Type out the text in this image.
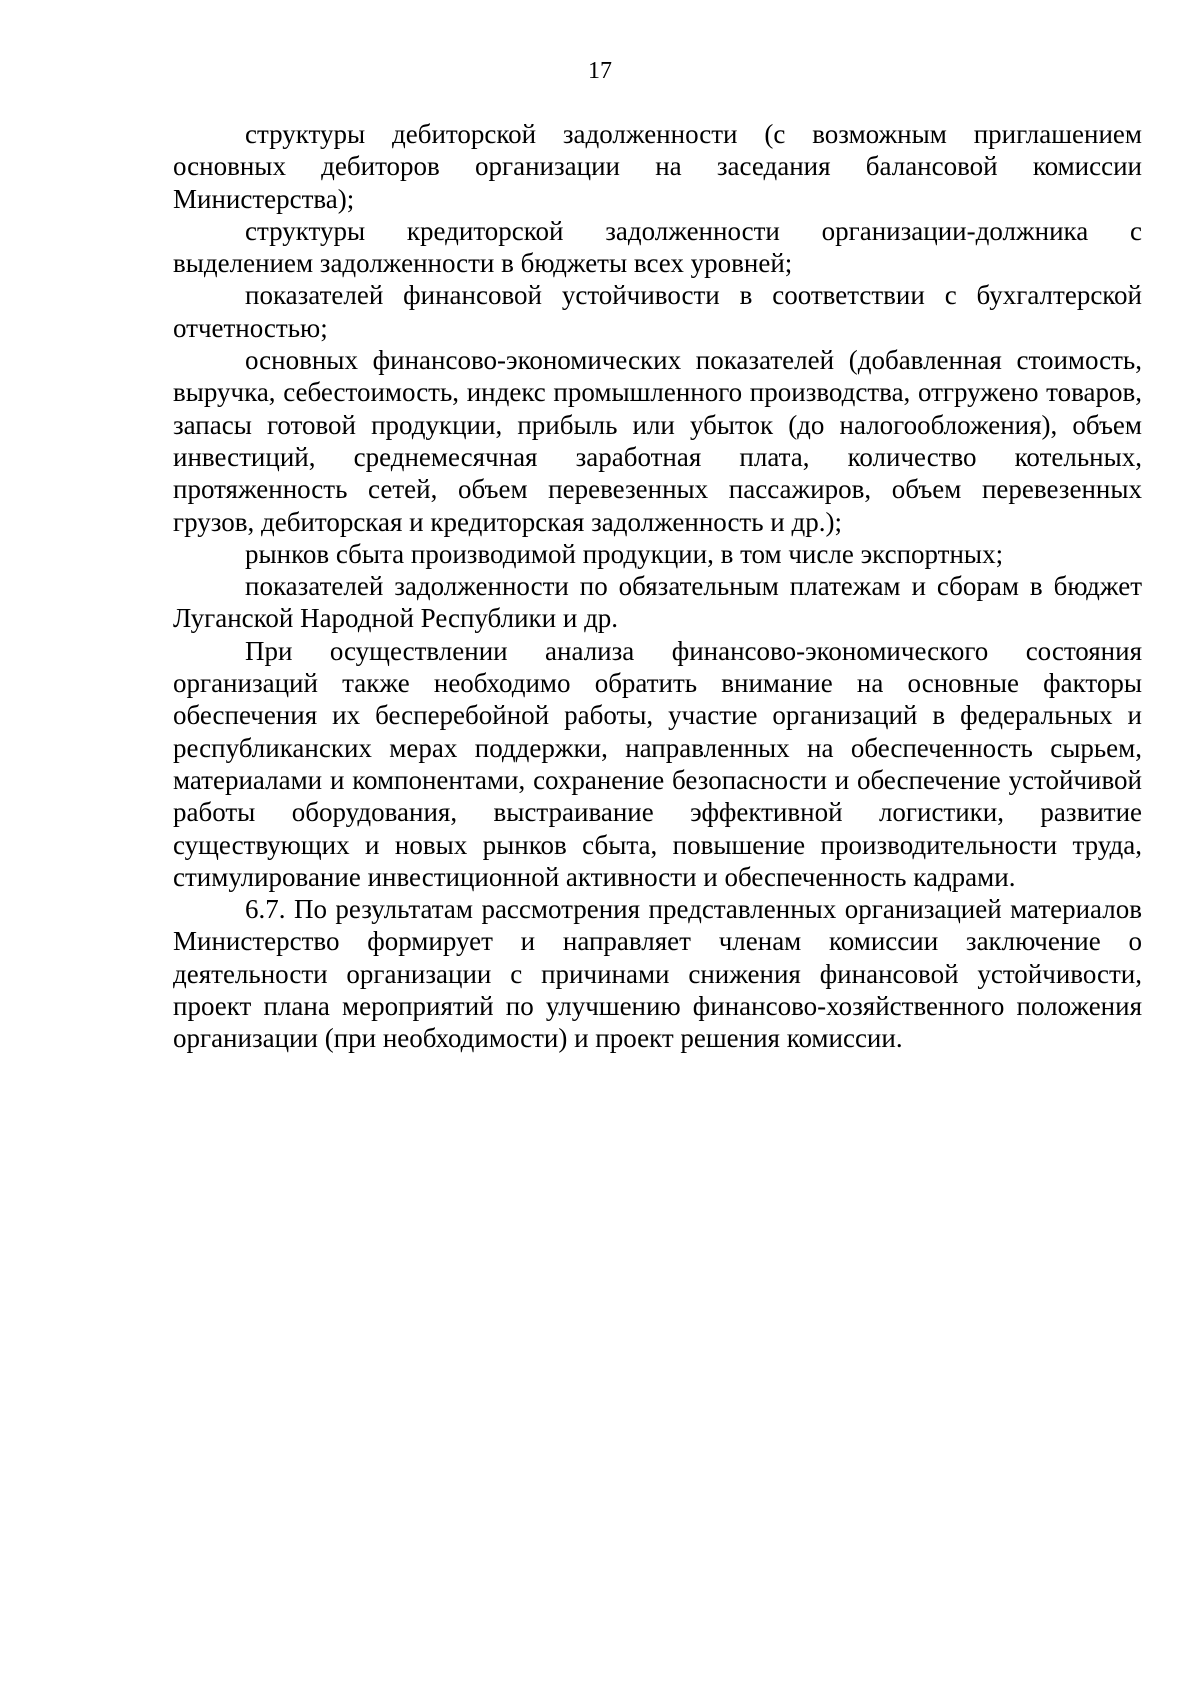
17

структуры дебиторской задолженности (с возможным приглашением основных дебиторов организации на заседания балансовой комиссии Министерства);

структуры кредиторской задолженности организации-должника с выделением задолженности в бюджеты всех уровней;

показателей финансовой устойчивости в соответствии с бухгалтерской отчетностью;

основных финансово-экономических показателей (добавленная стоимость, выручка, себестоимость, индекс промышленного производства, отгружено товаров, запасы готовой продукции, прибыль или убыток (до налогообложения), объем инвестиций, среднемесячная заработная плата, количество котельных, протяженность сетей, объем перевезенных пассажиров, объем перевезенных грузов, дебиторская и кредиторская задолженность и др.);

рынков сбыта производимой продукции, в том числе экспортных;

показателей задолженности по обязательным платежам и сборам в бюджет Луганской Народной Республики и др.

При осуществлении анализа финансово-экономического состояния организаций также необходимо обратить внимание на основные факторы обеспечения их бесперебойной работы, участие организаций в федеральных и республиканских мерах поддержки, направленных на обеспеченность сырьем, материалами и компонентами, сохранение безопасности и обеспечение устойчивой работы оборудования, выстраивание эффективной логистики, развитие существующих и новых рынков сбыта, повышение производительности труда, стимулирование инвестиционной активности и обеспеченность кадрами.

6.7. По результатам рассмотрения представленных организацией материалов Министерство формирует и направляет членам комиссии заключение о деятельности организации с причинами снижения финансовой устойчивости, проект плана мероприятий по улучшению финансово-хозяйственного положения организации (при необходимости) и проект решения комиссии.
